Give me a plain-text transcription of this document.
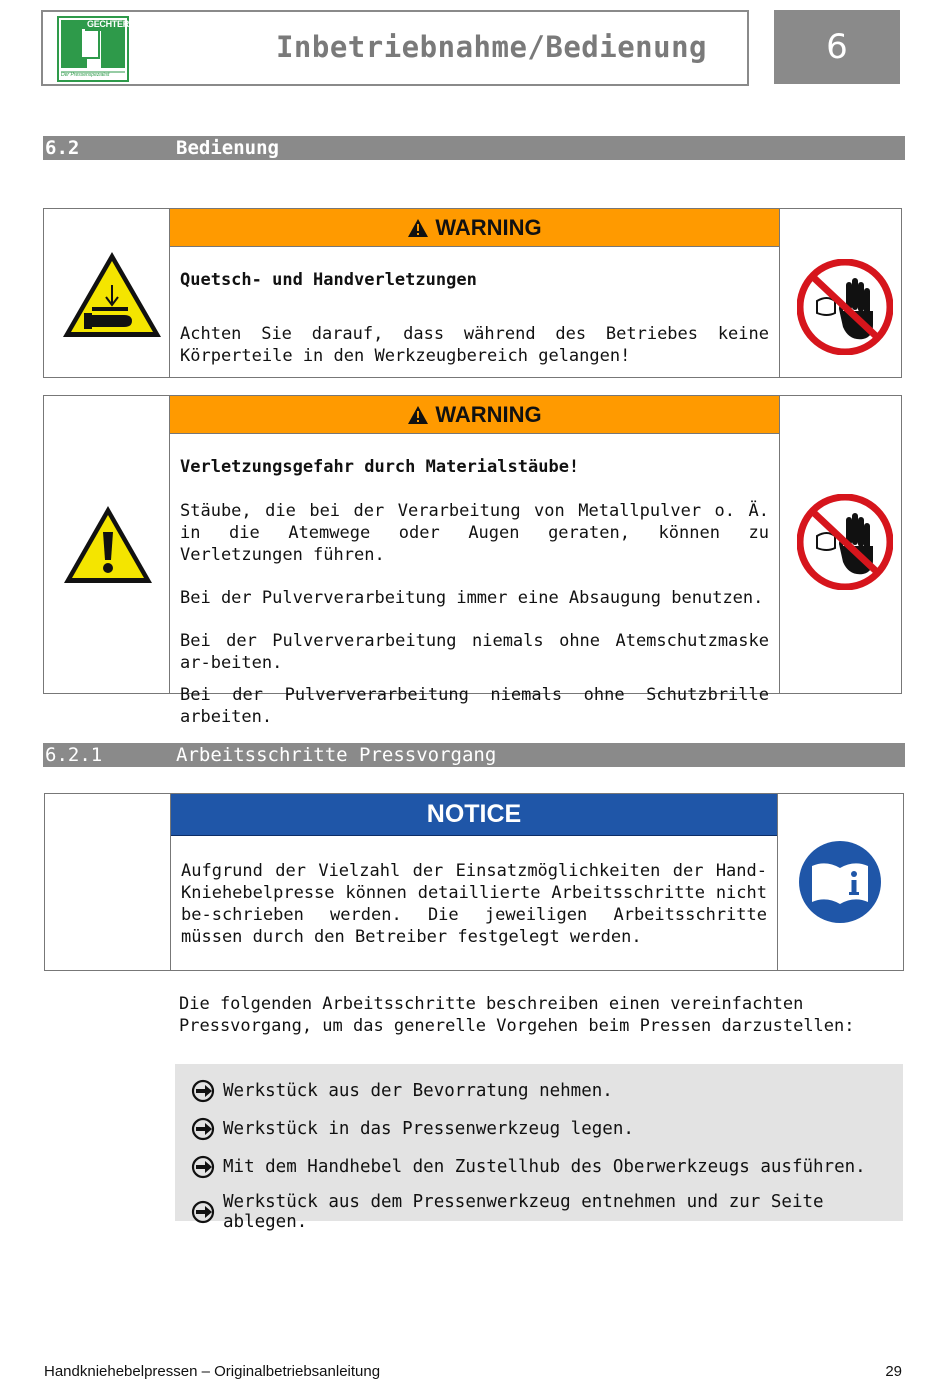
GECHTER
Der Pressenspezialist
Inbetriebnahme/Bedienung	6
6.2	Bedienung
WARNING

Quetsch- und Handverletzungen

Achten Sie darauf, dass während des Betriebes keine Körperteile in den Werkzeugbereich gelangen!

WARNING

Verletzungsgefahr durch Materialstäube!

Stäube, die bei der Verarbeitung von Metallpulver o. Ä. in die Atemwege oder Augen geraten, können zu Verletzungen führen.

Bei der Pulververarbeitung immer eine Absaugung benutzen.

Bei der Pulververarbeitung niemals ohne Atemschutzmaske ar-beiten.

Bei der Pulververarbeitung niemals ohne Schutzbrille arbeiten.

6.2.1	Arbeitsschritte Pressvorgang
NOTICE

Aufgrund der Vielzahl der Einsatzmöglichkeiten der Hand-Kniehebelpresse können detaillierte Arbeitsschritte nicht be-schrieben werden. Die jeweiligen Arbeitsschritte müssen durch den Betreiber festgelegt werden.

Die folgenden Arbeitsschritte beschreiben einen vereinfachten Pressvorgang, um das generelle Vorgehen beim Pressen darzustellen:
Werkstück aus der Bevorratung nehmen.
Werkstück in das Pressenwerkzeug legen.
Mit dem Handhebel den Zustellhub des Oberwerkzeugs ausführen.
Werkstück aus dem Pressenwerkzeug entnehmen und zur Seite ablegen.
Handkniehebelpressen – Originalbetriebsanleitung	29
